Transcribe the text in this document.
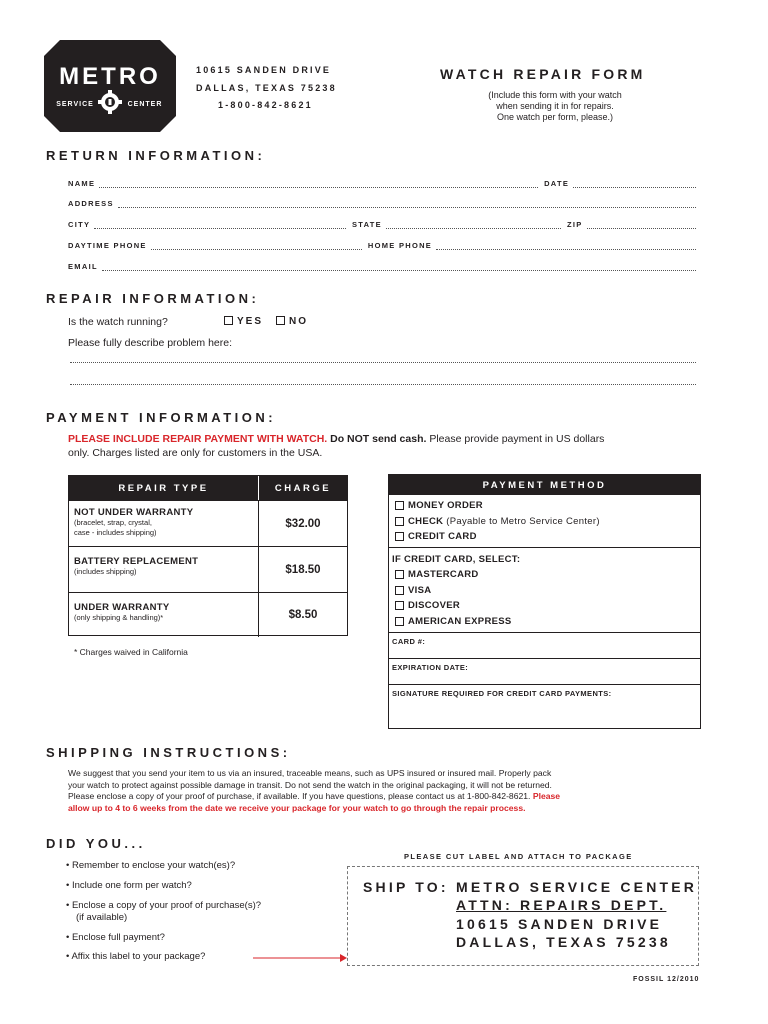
METRO
SERVICE	CENTER
10615 SANDEN DRIVE
DALLAS, TEXAS 75238
1-800-842-8621
WATCH REPAIR FORM
(Include this form with your watch
when sending it in for repairs.
One watch per form, please.)
RETURN INFORMATION:
NAME	DATE
ADDRESS
CITY	STATE	ZIP
DAYTIME PHONE	HOME PHONE
EMAIL
REPAIR INFORMATION:
Is the watch running?	YES	NO
Please fully describe problem here:
PAYMENT INFORMATION:
PLEASE INCLUDE REPAIR PAYMENT WITH WATCH. Do NOT send cash. Please provide payment in US dollars
only. Charges listed are only for customers in the USA.
REPAIR TYPE	CHARGE
NOT UNDER WARRANTY
(bracelet, strap, crystal,
case - includes shipping)
$32.00
BATTERY REPLACEMENT
(includes shipping)	$18.50
UNDER WARRANTY
(only shipping & handling)*	$8.50
* Charges waived in California
PAYMENT METHOD
MONEY ORDER
CHECK (Payable to Metro Service Center)
CREDIT CARD
IF CREDIT CARD, SELECT:
MASTERCARD
VISA
DISCOVER
AMERICAN EXPRESS
CARD #:
EXPIRATION DATE:
SIGNATURE REQUIRED FOR CREDIT CARD PAYMENTS:
SHIPPING INSTRUCTIONS:
We suggest that you send your item to us via an insured, traceable means, such as UPS insured or insured mail. Properly pack
your watch to protect against possible damage in transit. Do not send the watch in the original packaging, it will not be returned.
Please enclose a copy of your proof of purchase, if available. If you have questions, please contact us at 1-800-842-8621. Please
allow up to 4 to 6 weeks from the date we receive your package for your watch to go through the repair process.
DID YOU...
• Remember to enclose your watch(es)?
• Include one form per watch?
• Enclose a copy of your proof of purchase(s)?
(if available)
• Enclose full payment?
• Affix this label to your package?
PLEASE CUT LABEL AND ATTACH TO PACKAGE
SHIP TO: METRO SERVICE CENTER
ATTN: REPAIRS DEPT.
10615 SANDEN DRIVE
DALLAS, TEXAS 75238
FOSSIL 12/2010
